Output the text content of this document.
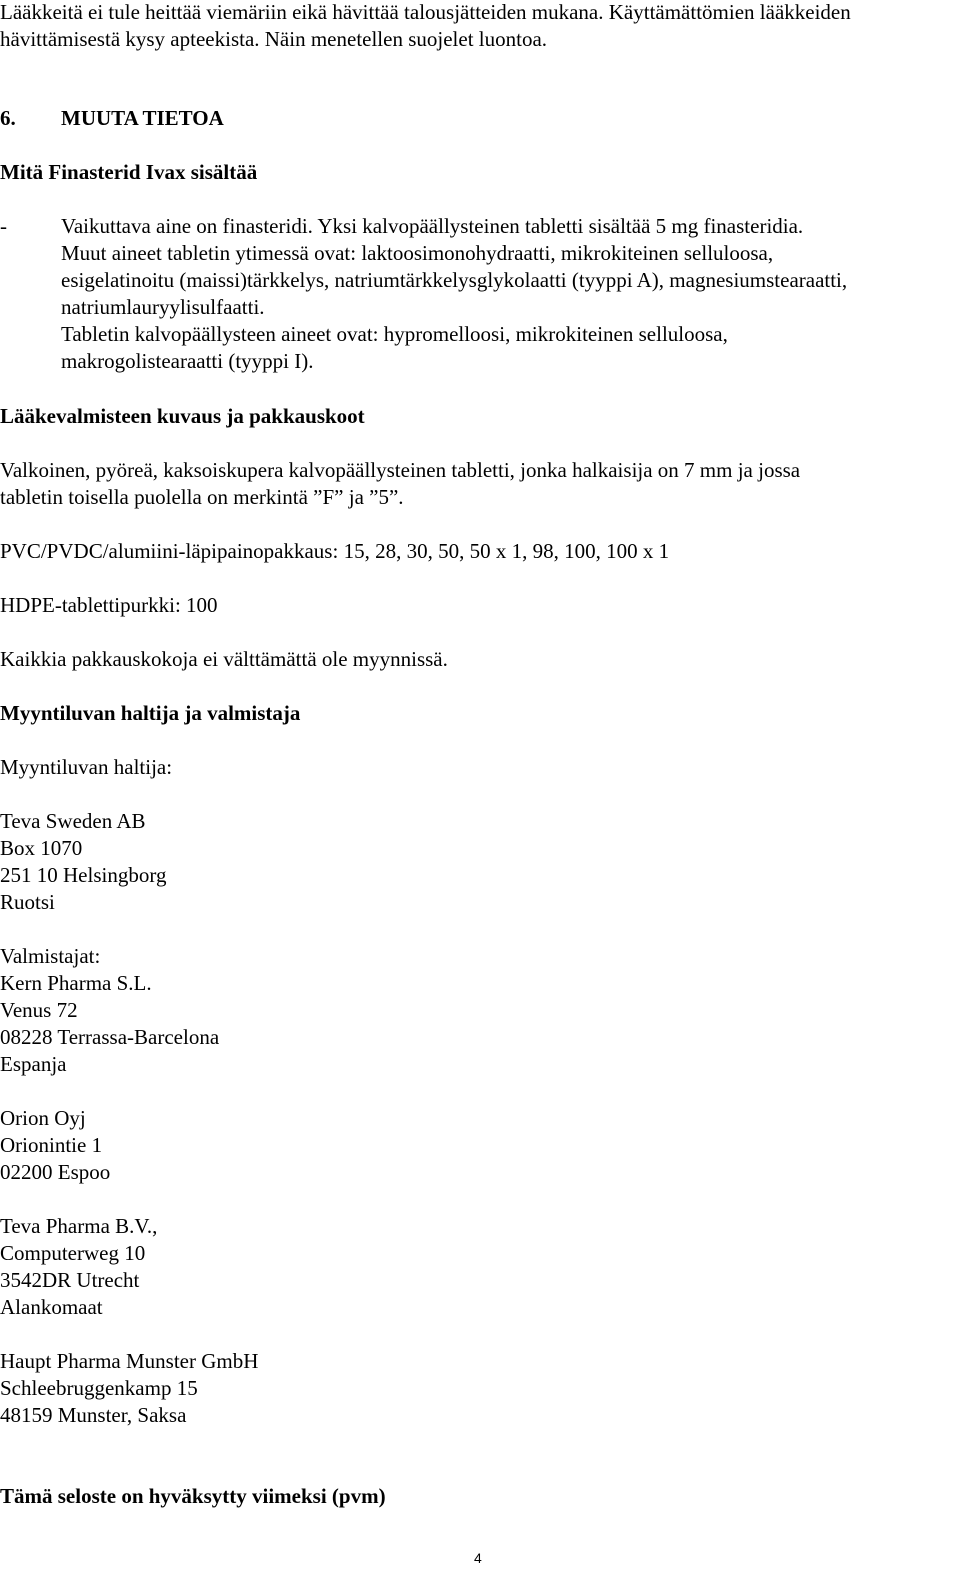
Lääkkeitä ei tule heittää viemäriin eikä hävittää talousjätteiden mukana. Käyttämättömien lääkkeiden
hävittämisestä kysy apteekista. Näin menetellen suojelet luontoa.
6. MUUTA TIETOA
Mitä Finasterid Ivax sisältää
-	Vaikuttava aine on finasteridi. Yksi kalvopäällysteinen tabletti sisältää 5 mg finasteridia.
Muut aineet tabletin ytimessä ovat: laktoosimonohydraatti, mikrokiteinen selluloosa,
esigelatinoitu (maissi)tärkkelys, natriumtärkkelysglykolaatti (tyyppi A), magnesiumstearaatti,
natriumlauryylisulfaatti.
Tabletin kalvopäällysteen aineet ovat: hypromelloosi, mikrokiteinen selluloosa,
makrogolistearaatti (tyyppi I).
Lääkevalmisteen kuvaus ja pakkauskoot
Valkoinen, pyöreä, kaksoiskupera kalvopäällysteinen tabletti, jonka halkaisija on 7 mm ja jossa
tabletin toisella puolella on merkintä ”F” ja ”5”.
PVC/PVDC/alumiini-läpipainopakkaus: 15, 28, 30, 50, 50 x 1, 98, 100, 100 x 1
HDPE-tablettipurkki: 100
Kaikkia pakkauskokoja ei välttämättä ole myynnissä.
Myyntiluvan haltija ja valmistaja
Myyntiluvan haltija:
Teva Sweden AB
Box 1070
251 10 Helsingborg
Ruotsi
Valmistajat:
Kern Pharma S.L.
Venus 72
08228 Terrassa-Barcelona
Espanja
Orion Oyj
Orionintie 1
02200 Espoo
Teva Pharma B.V.,
Computerweg 10
3542DR Utrecht
Alankomaat
Haupt Pharma Munster GmbH
Schleebruggenkamp 15
48159 Munster, Saksa
Tämä seloste on hyväksytty viimeksi (pvm)
4
